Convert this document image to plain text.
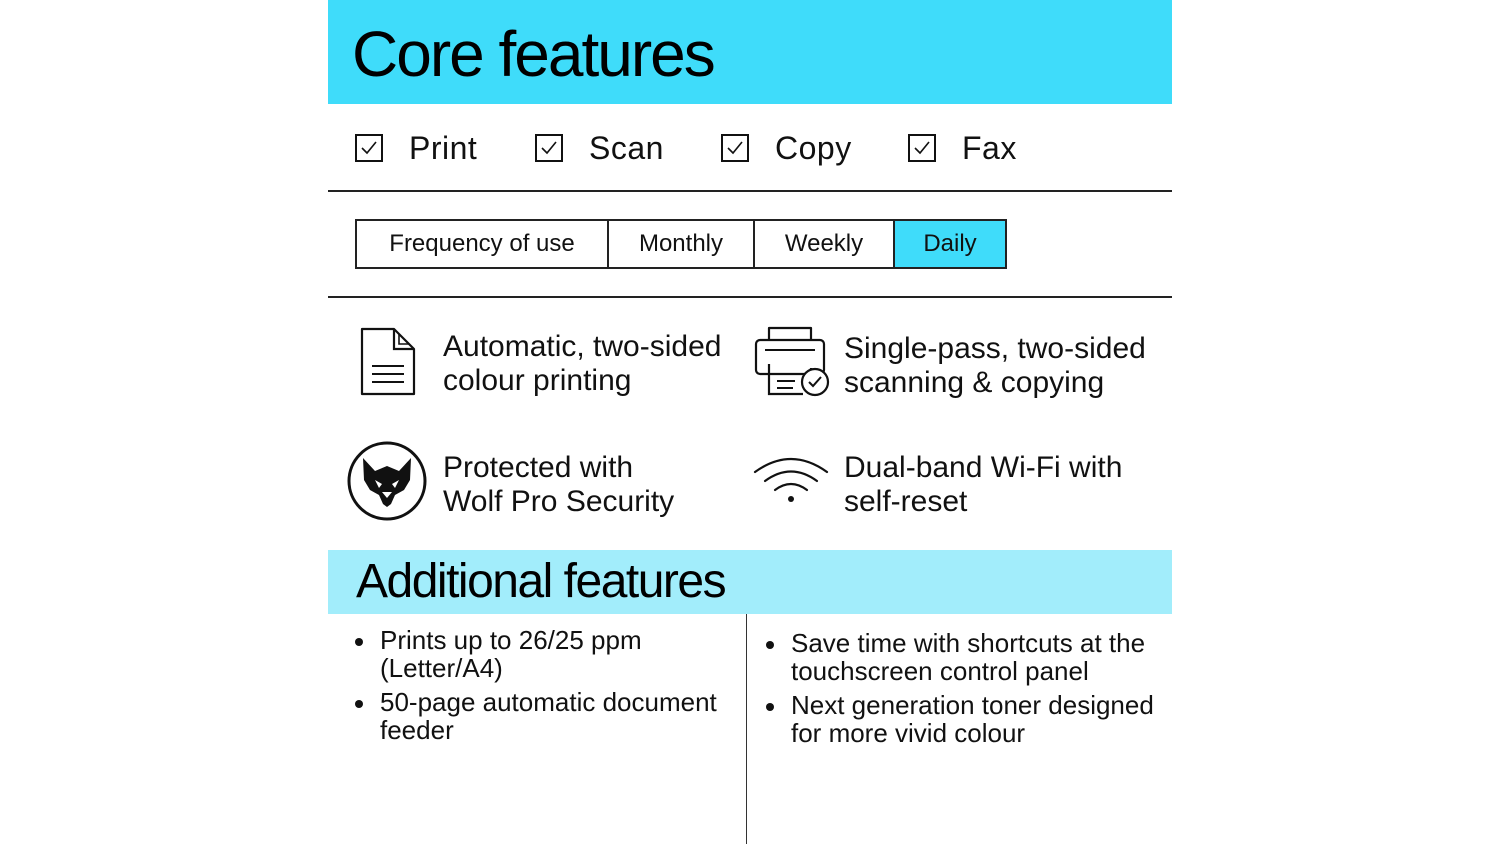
Core features
Print	Scan	Copy	Fax
Frequency of use	Monthly	Weekly	Daily
Automatic, two-sided
colour printing
Single-pass, two-sided
scanning & copying
Protected with
Wolf Pro Security
Dual-band Wi-Fi with
self-reset
Additional features
Prints up to 26/25 ppm (Letter/A4)
50-page automatic document feeder
Save time with shortcuts at the touchscreen control panel
Next generation toner designed for more vivid colour
